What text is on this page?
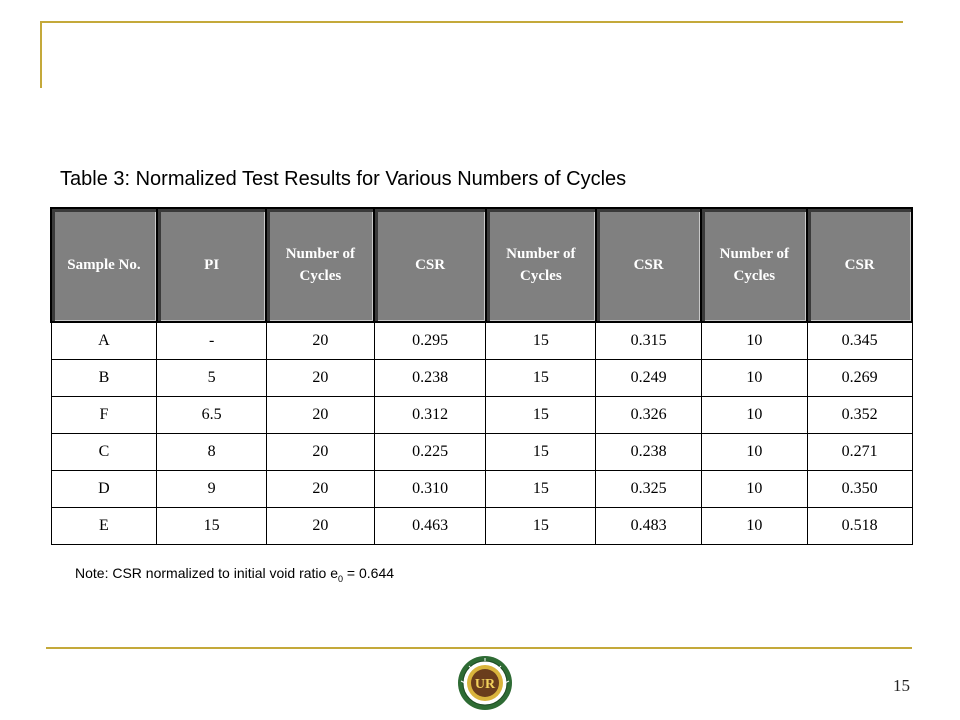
Table 3: Normalized Test Results for Various Numbers of Cycles
Sample No.	PI	Number of Cycles	CSR	Number of Cycles	CSR	Number of Cycles	CSR
A	-	20	0.295	15	0.315	10	0.345
B	5	20	0.238	15	0.249	10	0.269
F	6.5	20	0.312	15	0.326	10	0.352
C	8	20	0.225	15	0.238	10	0.271
D	9	20	0.310	15	0.325	10	0.350
E	15	20	0.463	15	0.483	10	0.518
Note: CSR normalized to initial void ratio $e_0 = 0.644$
UR	15
